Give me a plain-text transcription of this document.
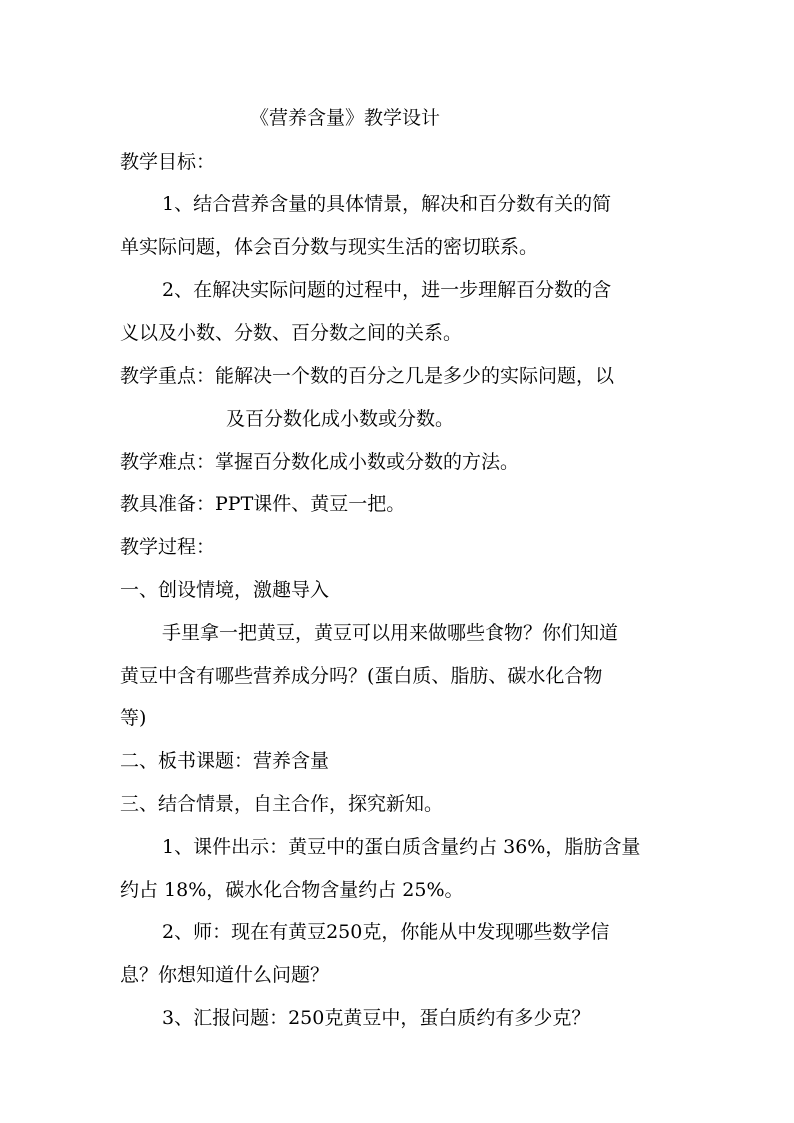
《营养含量》教学设计
教学目标：
1、结合营养含量的具体情景，解决和百分数有关的简
单实际问题，体会百分数与现实生活的密切联系。
2、在解决实际问题的过程中，进一步理解百分数的含
义以及小数、分数、百分数之间的关系。
教学重点：能解决一个数的百分之几是多少的实际问题，以
及百分数化成小数或分数。
教学难点：掌握百分数化成小数或分数的方法。
教具准备：PPT课件、黄豆一把。
教学过程：
一、创设情境，激趣导入
手里拿一把黄豆，黄豆可以用来做哪些食物？你们知道
黄豆中含有哪些营养成分吗？(蛋白质、脂肪、碳水化合物
等)
二、板书课题：营养含量
三、结合情景，自主合作，探究新知。
1、课件出示：黄豆中的蛋白质含量约占 36%，脂肪含量
约占 18%，碳水化合物含量约占 25%。
2、师：现在有黄豆250克，你能从中发现哪些数学信
息？你想知道什么问题？
3、汇报问题：250克黄豆中，蛋白质约有多少克？
